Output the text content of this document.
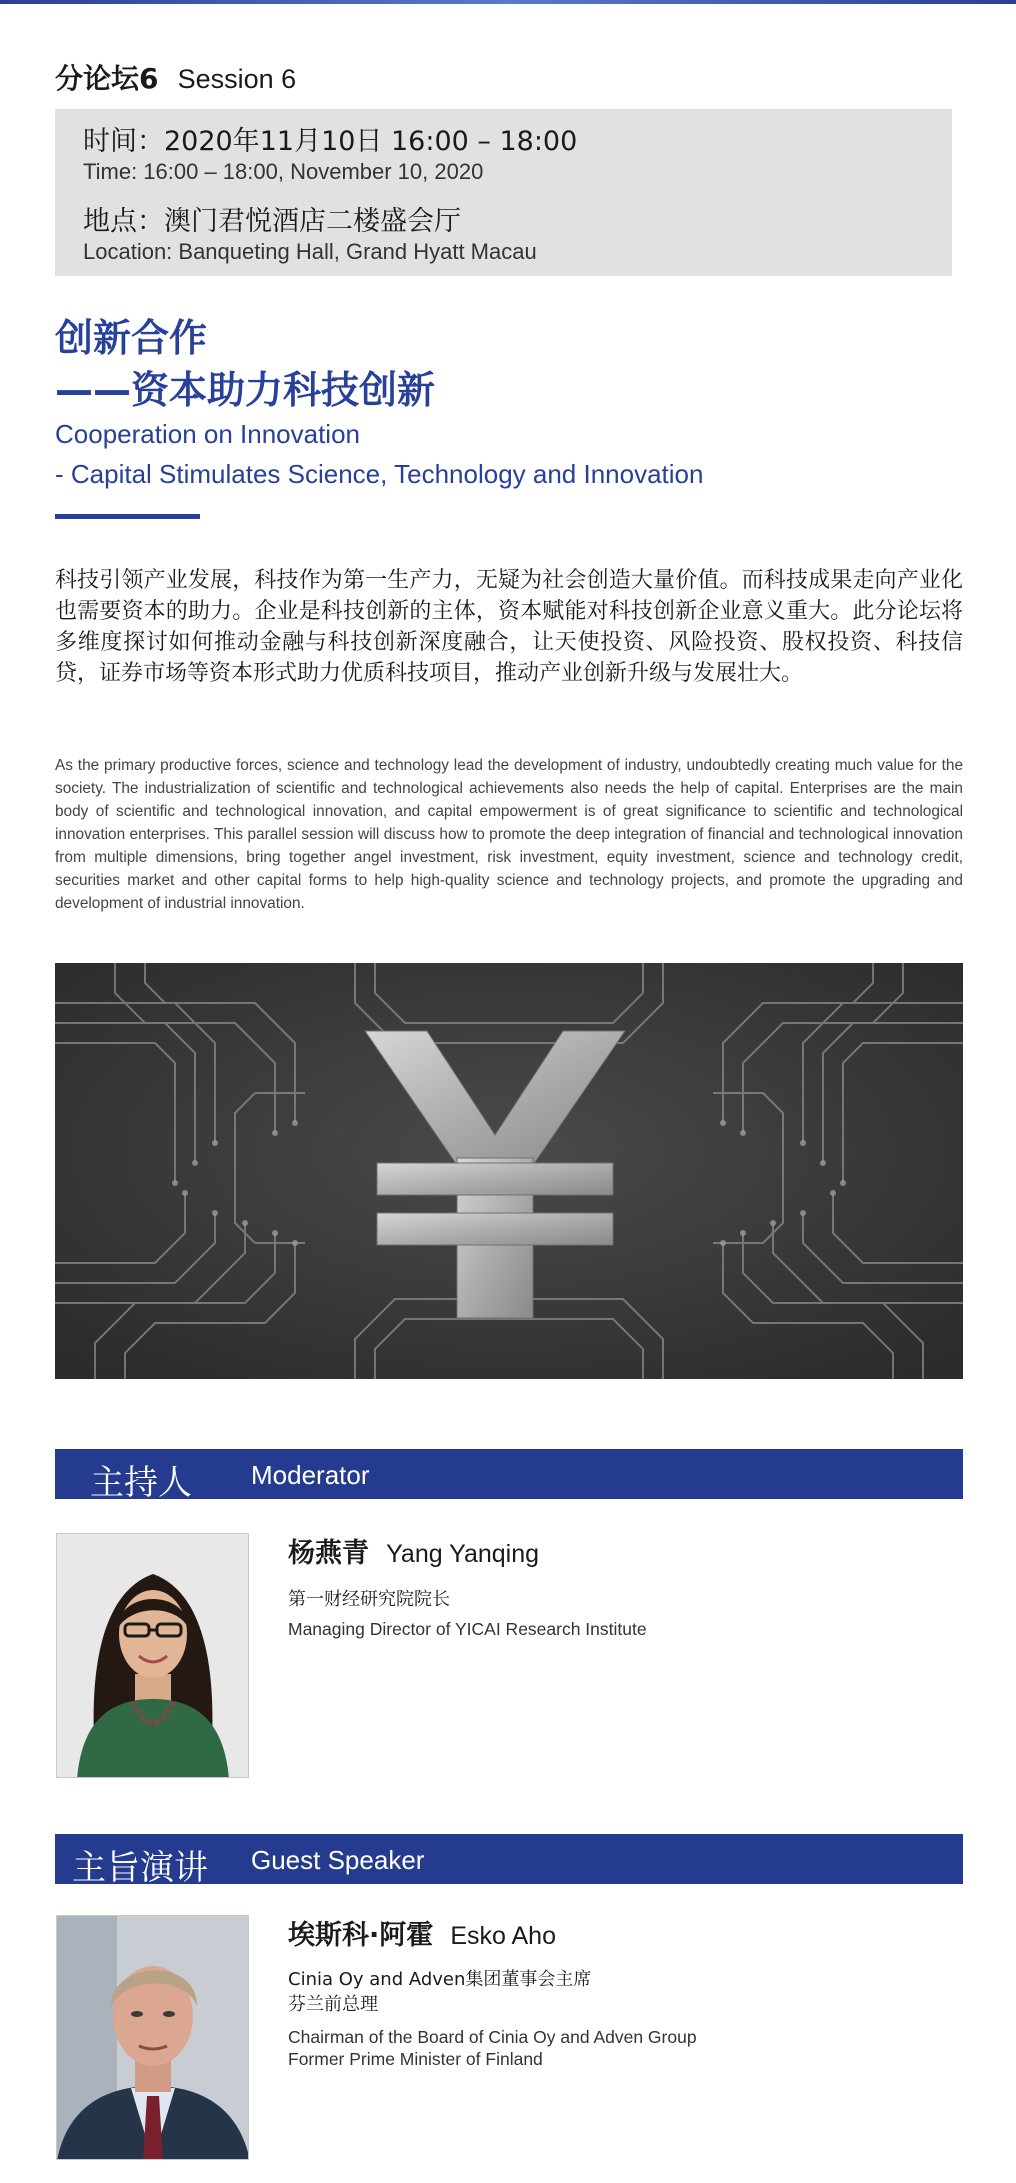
分论坛6 Session 6
时间：2020年11月10日 16:00 – 18:00
Time: 16:00 – 18:00, November 10, 2020
地点：澳门君悦酒店二楼盛会厅
Location: Banqueting Hall, Grand Hyatt Macau
创新合作
——资本助力科技创新
Cooperation on Innovation
- Capital Stimulates Science, Technology and Innovation

科技引领产业发展，科技作为第一生产力，无疑为社会创造大量价值。而科技成果走向产业化也需要资本的助力。企业是科技创新的主体，资本赋能对科技创新企业意义重大。此分论坛将多维度探讨如何推动金融与科技创新深度融合，让天使投资、风险投资、股权投资、科技信贷，证券市场等资本形式助力优质科技项目，推动产业创新升级与发展壮大。

As the primary productive forces, science and technology lead the development of industry, undoubtedly creating much value for the society. The industrialization of scientific and technological achievements also needs the help of capital. Enterprises are the main body of scientific and technological innovation, and capital empowerment is of great significance to scientific and technological innovation enterprises. This parallel session will discuss how to promote the deep integration of financial and technological innovation from multiple dimensions, bring together angel investment, risk investment, equity investment, science and technology credit, securities market and other capital forms to help high-quality science and technology projects, and promote the upgrading and development of industrial innovation.

主持人 Moderator
杨燕青 Yang Yanqing
第一财经研究院院长
Managing Director of YICAI Research Institute
主旨演讲 Guest Speaker
埃斯科·阿霍 Esko Aho
Cinia Oy and Adven集团董事会主席
芬兰前总理
Chairman of the Board of Cinia Oy and Adven Group
Former Prime Minister of Finland
